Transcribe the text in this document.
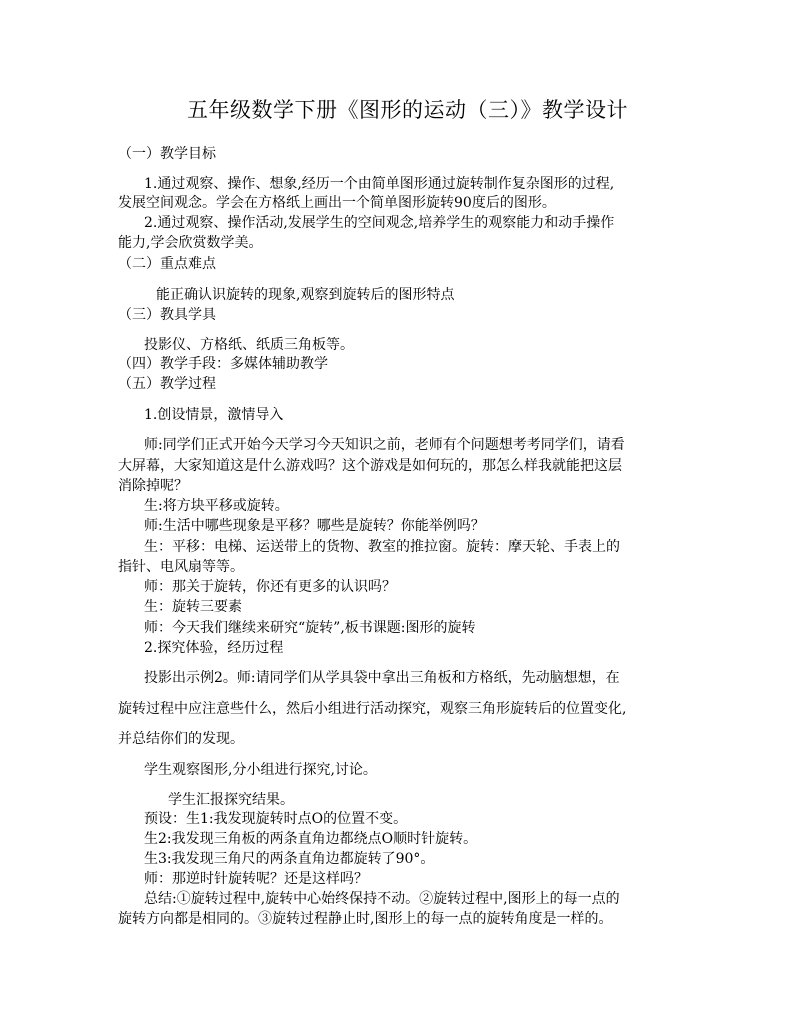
五年级数学下册《图形的运动（三）》教学设计
（一）教学目标
1.通过观察、操作、想象,经历一个由简单图形通过旋转制作复杂图形的过程,
发展空间观念。学会在方格纸上画出一个简单图形旋转90度后的图形。
2.通过观察、操作活动,发展学生的空间观念,培养学生的观察能力和动手操作
能力,学会欣赏数学美。
（二）重点难点
能正确认识旋转的现象,观察到旋转后的图形特点
（三）教具学具
投影仪、方格纸、纸质三角板等。
（四）教学手段：多媒体辅助教学
（五）教学过程
1.创设情景，激情导入
师:同学们正式开始今天学习今天知识之前，老师有个问题想考考同学们，请看
大屏幕，大家知道这是什么游戏吗？这个游戏是如何玩的，那怎么样我就能把这层
消除掉呢？
生:将方块平移或旋转。
师:生活中哪些现象是平移？哪些是旋转？你能举例吗？
生：平移：电梯、运送带上的货物、教室的推拉窗。旋转：摩天轮、手表上的
指针、电风扇等等。
师：那关于旋转，你还有更多的认识吗？
生：旋转三要素
师：今天我们继续来研究“旋转”,板书课题:图形的旋转
2.探究体验，经历过程
投影出示例2。师:请同学们从学具袋中拿出三角板和方格纸，先动脑想想，在
旋转过程中应注意些什么，然后小组进行活动探究，观察三角形旋转后的位置变化,
并总结你们的发现。
学生观察图形,分小组进行探究,讨论。
学生汇报探究结果。
预设：生1:我发现旋转时点O的位置不变。
生2:我发现三角板的两条直角边都绕点O顺时针旋转。
生3:我发现三角尺的两条直角边都旋转了90°。
师：那逆时针旋转呢？还是这样吗？
总结:①旋转过程中,旋转中心始终保持不动。②旋转过程中,图形上的每一点的
旋转方向都是相同的。③旋转过程静止时,图形上的每一点的旋转角度是一样的。
